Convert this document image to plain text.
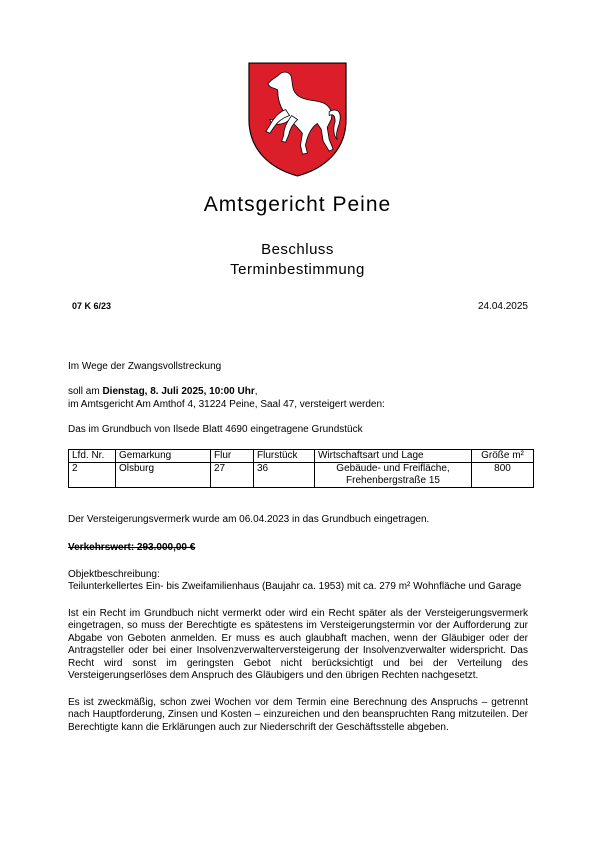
Amtsgericht Peine
Beschluss
Terminbestimmung
07 K 6/23	24.04.2025

Im Wege der Zwangsvollstreckung

soll am Dienstag, 8. Juli 2025, 10:00 Uhr,
im Amtsgericht Am Amthof 4, 31224 Peine, Saal 47, versteigert werden:

Das im Grundbuch von Ilsede Blatt 4690 eingetragene Grundstück

Lfd. Nr.	Gemarkung	Flur	Flurstück	Wirtschaftsart und Lage	Größe m²
2	Olsburg	27	36	Gebäude- und Freifläche,
Frehenbergstraße 15	800

Der Versteigerungsvermerk wurde am 06.04.2023 in das Grundbuch eingetragen.

Verkehrswert: 293.000,00 €

Objektbeschreibung:

Teilunterkellertes Ein- bis Zweifamilienhaus (Baujahr ca. 1953) mit ca. 279 m² Wohnfläche und Garage

Ist ein Recht im Grundbuch nicht vermerkt oder wird ein Recht später als der Versteigerungsvermerk eingetragen, so muss der Berechtigte es spätestens im Versteigerungstermin vor der Aufforderung zur Abgabe von Geboten anmelden. Er muss es auch glaubhaft machen, wenn der Gläubiger oder der Antragsteller oder bei einer Insolvenzverwalterversteigerung der Insolvenzverwalter widerspricht. Das Recht wird sonst im geringsten Gebot nicht berücksichtigt und bei der Verteilung des Versteigerungserlöses dem Anspruch des Gläubigers und den übrigen Rechten nachgesetzt.

Es ist zweckmäßig, schon zwei Wochen vor dem Termin eine Berechnung des Anspruchs – getrennt nach Hauptforderung, Zinsen und Kosten – einzureichen und den beanspruchten Rang mitzuteilen. Der Berechtigte kann die Erklärungen auch zur Niederschrift der Geschäftsstelle abgeben.
